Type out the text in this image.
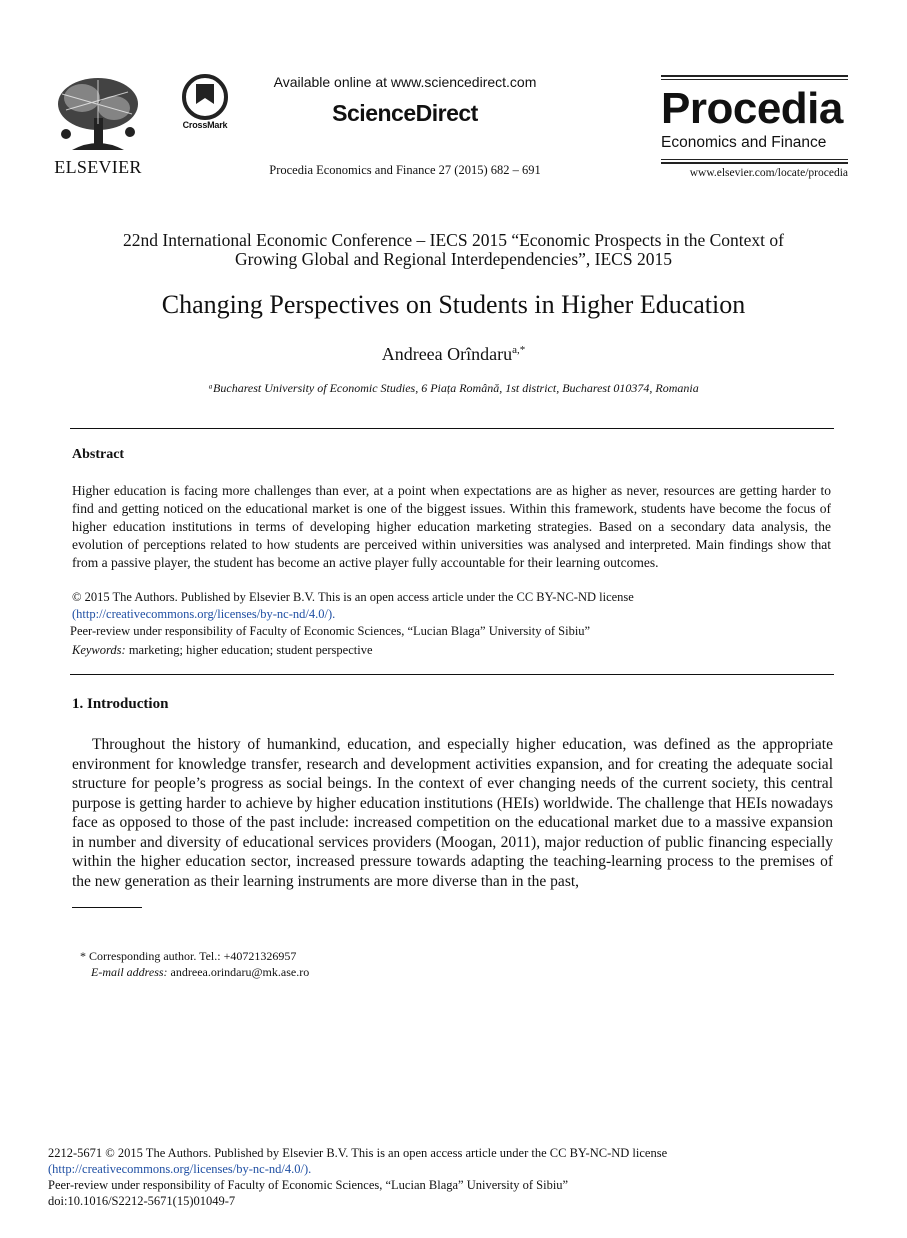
ELSEVIER
CrossMark
Available online at www.sciencedirect.com
ScienceDirect
Procedia Economics and Finance 27 (2015) 682 – 691
Procedia
Economics and Finance
www.elsevier.com/locate/procedia
22nd International Economic Conference – IECS 2015 “Economic Prospects in the Context of
Growing Global and Regional Interdependencies”, IECS 2015
Changing Perspectives on Students in Higher Education
Andreea Orîndaru$^{a,*}$
ᵃBucharest University of Economic Studies, 6 Piața Română, 1st district, Bucharest 010374, Romania
Abstract
Higher education is facing more challenges than ever, at a point when expectations are as higher as never, resources are getting harder to find and getting noticed on the educational market is one of the biggest issues. Within this framework, students have become the focus of higher education institutions in terms of developing higher education marketing strategies. Based on a secondary data analysis, the evolution of perceptions related to how students are perceived within universities was analysed and interpreted. Main findings show that from a passive player, the student has become an active player fully accountable for their learning outcomes.
© 2015 The Authors. Published by Elsevier B.V. This is an open access article under the CC BY-NC-ND license
(http://creativecommons.org/licenses/by-nc-nd/4.0/).
Peer-review under responsibility of Faculty of Economic Sciences, “Lucian Blaga” University of Sibiu”
Keywords: marketing; higher education; student perspective
1. Introduction
Throughout the history of humankind, education, and especially higher education, was defined as the appropriate environment for knowledge transfer, research and development activities expansion, and for creating the adequate social structure for people’s progress as social beings. In the context of ever changing needs of the current society, this central purpose is getting harder to achieve by higher education institutions (HEIs) worldwide. The challenge that HEIs nowadays face as opposed to those of the past include: increased competition on the educational market due to a massive expansion in number and diversity of educational services providers (Moogan, 2011), major reduction of public financing especially within the higher education sector, increased pressure towards adapting the teaching-learning process to the premises of the new generation as their learning instruments are more diverse than in the past,
* Corresponding author. Tel.: +40721326957
E-mail address: andreea.orindaru@mk.ase.ro
2212-5671 © 2015 The Authors. Published by Elsevier B.V. This is an open access article under the CC BY-NC-ND license
(http://creativecommons.org/licenses/by-nc-nd/4.0/).
Peer-review under responsibility of Faculty of Economic Sciences, “Lucian Blaga” University of Sibiu”
doi:10.1016/S2212-5671(15)01049-7
